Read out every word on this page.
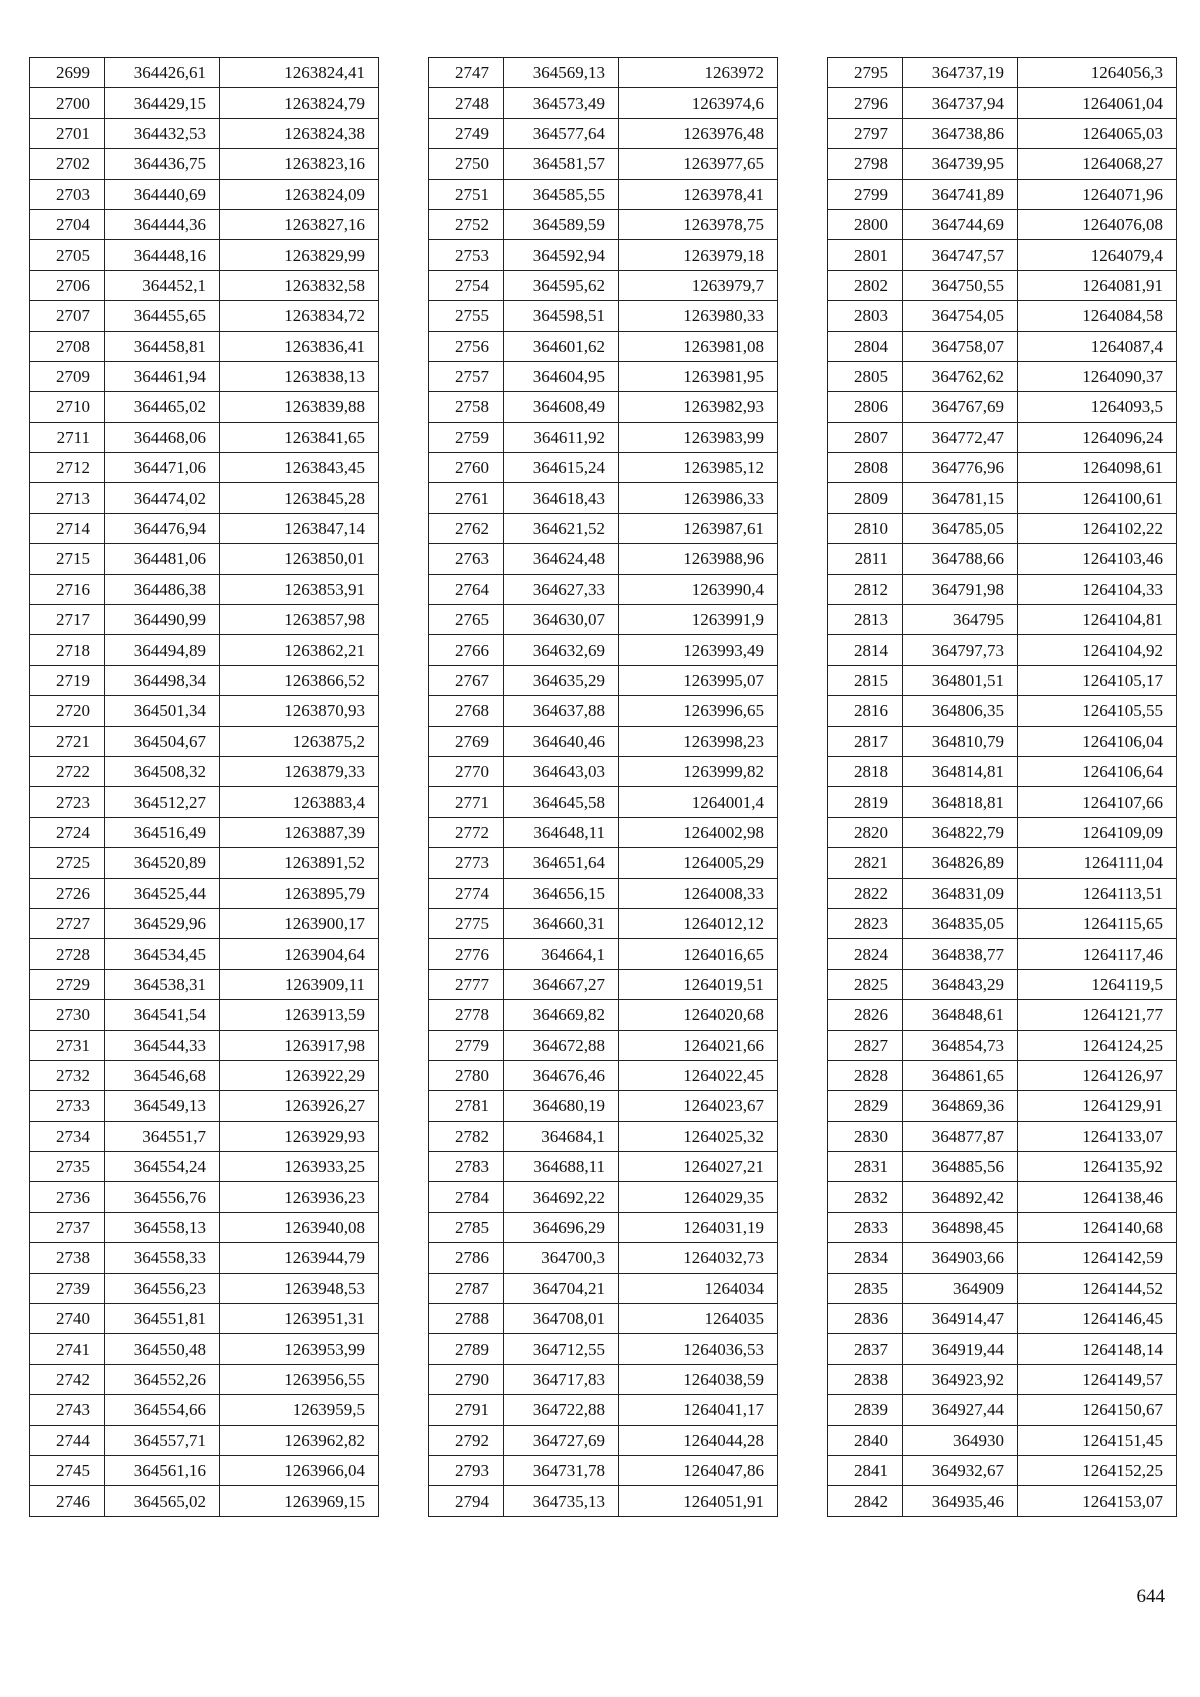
2699	364426,61	1263824,41
2700	364429,15	1263824,79
2701	364432,53	1263824,38
2702	364436,75	1263823,16
2703	364440,69	1263824,09
2704	364444,36	1263827,16
2705	364448,16	1263829,99
2706	364452,1	1263832,58
2707	364455,65	1263834,72
2708	364458,81	1263836,41
2709	364461,94	1263838,13
2710	364465,02	1263839,88
2711	364468,06	1263841,65
2712	364471,06	1263843,45
2713	364474,02	1263845,28
2714	364476,94	1263847,14
2715	364481,06	1263850,01
2716	364486,38	1263853,91
2717	364490,99	1263857,98
2718	364494,89	1263862,21
2719	364498,34	1263866,52
2720	364501,34	1263870,93
2721	364504,67	1263875,2
2722	364508,32	1263879,33
2723	364512,27	1263883,4
2724	364516,49	1263887,39
2725	364520,89	1263891,52
2726	364525,44	1263895,79
2727	364529,96	1263900,17
2728	364534,45	1263904,64
2729	364538,31	1263909,11
2730	364541,54	1263913,59
2731	364544,33	1263917,98
2732	364546,68	1263922,29
2733	364549,13	1263926,27
2734	364551,7	1263929,93
2735	364554,24	1263933,25
2736	364556,76	1263936,23
2737	364558,13	1263940,08
2738	364558,33	1263944,79
2739	364556,23	1263948,53
2740	364551,81	1263951,31
2741	364550,48	1263953,99
2742	364552,26	1263956,55
2743	364554,66	1263959,5
2744	364557,71	1263962,82
2745	364561,16	1263966,04
2746	364565,02	1263969,15
2747	364569,13	1263972
2748	364573,49	1263974,6
2749	364577,64	1263976,48
2750	364581,57	1263977,65
2751	364585,55	1263978,41
2752	364589,59	1263978,75
2753	364592,94	1263979,18
2754	364595,62	1263979,7
2755	364598,51	1263980,33
2756	364601,62	1263981,08
2757	364604,95	1263981,95
2758	364608,49	1263982,93
2759	364611,92	1263983,99
2760	364615,24	1263985,12
2761	364618,43	1263986,33
2762	364621,52	1263987,61
2763	364624,48	1263988,96
2764	364627,33	1263990,4
2765	364630,07	1263991,9
2766	364632,69	1263993,49
2767	364635,29	1263995,07
2768	364637,88	1263996,65
2769	364640,46	1263998,23
2770	364643,03	1263999,82
2771	364645,58	1264001,4
2772	364648,11	1264002,98
2773	364651,64	1264005,29
2774	364656,15	1264008,33
2775	364660,31	1264012,12
2776	364664,1	1264016,65
2777	364667,27	1264019,51
2778	364669,82	1264020,68
2779	364672,88	1264021,66
2780	364676,46	1264022,45
2781	364680,19	1264023,67
2782	364684,1	1264025,32
2783	364688,11	1264027,21
2784	364692,22	1264029,35
2785	364696,29	1264031,19
2786	364700,3	1264032,73
2787	364704,21	1264034
2788	364708,01	1264035
2789	364712,55	1264036,53
2790	364717,83	1264038,59
2791	364722,88	1264041,17
2792	364727,69	1264044,28
2793	364731,78	1264047,86
2794	364735,13	1264051,91
2795	364737,19	1264056,3
2796	364737,94	1264061,04
2797	364738,86	1264065,03
2798	364739,95	1264068,27
2799	364741,89	1264071,96
2800	364744,69	1264076,08
2801	364747,57	1264079,4
2802	364750,55	1264081,91
2803	364754,05	1264084,58
2804	364758,07	1264087,4
2805	364762,62	1264090,37
2806	364767,69	1264093,5
2807	364772,47	1264096,24
2808	364776,96	1264098,61
2809	364781,15	1264100,61
2810	364785,05	1264102,22
2811	364788,66	1264103,46
2812	364791,98	1264104,33
2813	364795	1264104,81
2814	364797,73	1264104,92
2815	364801,51	1264105,17
2816	364806,35	1264105,55
2817	364810,79	1264106,04
2818	364814,81	1264106,64
2819	364818,81	1264107,66
2820	364822,79	1264109,09
2821	364826,89	1264111,04
2822	364831,09	1264113,51
2823	364835,05	1264115,65
2824	364838,77	1264117,46
2825	364843,29	1264119,5
2826	364848,61	1264121,77
2827	364854,73	1264124,25
2828	364861,65	1264126,97
2829	364869,36	1264129,91
2830	364877,87	1264133,07
2831	364885,56	1264135,92
2832	364892,42	1264138,46
2833	364898,45	1264140,68
2834	364903,66	1264142,59
2835	364909	1264144,52
2836	364914,47	1264146,45
2837	364919,44	1264148,14
2838	364923,92	1264149,57
2839	364927,44	1264150,67
2840	364930	1264151,45
2841	364932,67	1264152,25
2842	364935,46	1264153,07
644
